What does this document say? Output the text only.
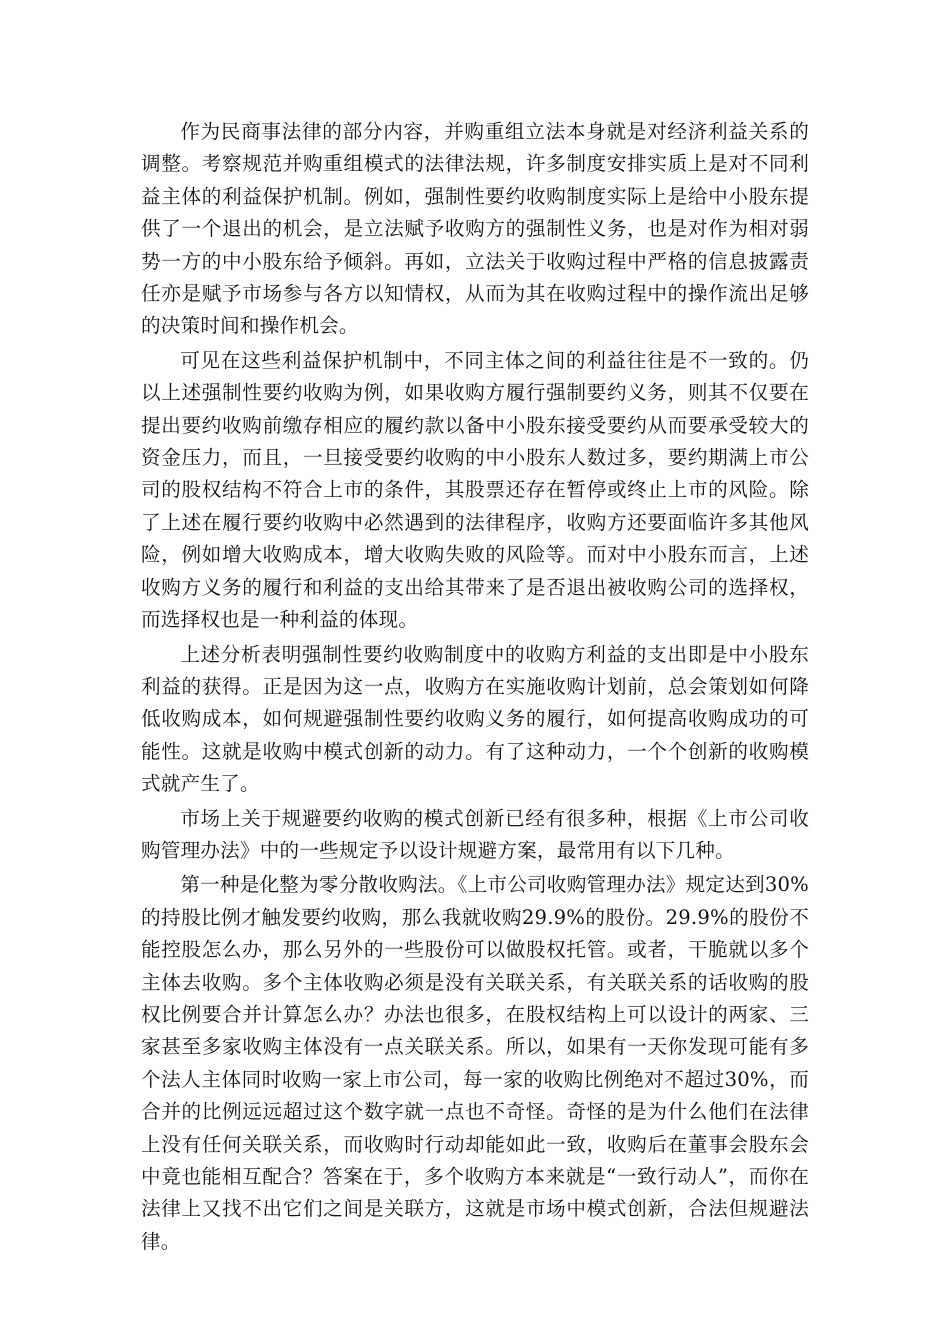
作为民商事法律的部分内容，并购重组立法本身就是对经济利益关系的调整。考察规范并购重组模式的法律法规，许多制度安排实质上是对不同利益主体的利益保护机制。例如，强制性要约收购制度实际上是给中小股东提供了一个退出的机会，是立法赋予收购方的强制性义务，也是对作为相对弱势一方的中小股东给予倾斜。再如，立法关于收购过程中严格的信息披露责任亦是赋予市场参与各方以知情权，从而为其在收购过程中的操作流出足够的决策时间和操作机会。

可见在这些利益保护机制中，不同主体之间的利益往往是不一致的。仍以上述强制性要约收购为例，如果收购方履行强制要约义务，则其不仅要在提出要约收购前缴存相应的履约款以备中小股东接受要约从而要承受较大的资金压力，而且，一旦接受要约收购的中小股东人数过多，要约期满上市公司的股权结构不符合上市的条件，其股票还存在暂停或终止上市的风险。除了上述在履行要约收购中必然遇到的法律程序，收购方还要面临许多其他风险，例如增大收购成本，增大收购失败的风险等。而对中小股东而言，上述收购方义务的履行和利益的支出给其带来了是否退出被收购公司的选择权，而选择权也是一种利益的体现。

上述分析表明强制性要约收购制度中的收购方利益的支出即是中小股东利益的获得。正是因为这一点，收购方在实施收购计划前，总会策划如何降低收购成本，如何规避强制性要约收购义务的履行，如何提高收购成功的可能性。这就是收购中模式创新的动力。有了这种动力，一个个创新的收购模式就产生了。

市场上关于规避要约收购的模式创新已经有很多种，根据《上市公司收购管理办法》中的一些规定予以设计规避方案，最常用有以下几种。

第一种是化整为零分散收购法。《上市公司收购管理办法》规定达到30%的持股比例才触发要约收购，那么我就收购29.9%的股份。29.9%的股份不能控股怎么办，那么另外的一些股份可以做股权托管。或者，干脆就以多个主体去收购。多个主体收购必须是没有关联关系，有关联关系的话收购的股权比例要合并计算怎么办？办法也很多，在股权结构上可以设计的两家、三家甚至多家收购主体没有一点关联关系。所以，如果有一天你发现可能有多个法人主体同时收购一家上市公司，每一家的收购比例绝对不超过30%，而合并的比例远远超过这个数字就一点也不奇怪。奇怪的是为什么他们在法律上没有任何关联关系，而收购时行动却能如此一致，收购后在董事会股东会中竟也能相互配合？答案在于，多个收购方本来就是“一致行动人”，而你在法律上又找不出它们之间是关联方，这就是市场中模式创新，合法但规避法律。
